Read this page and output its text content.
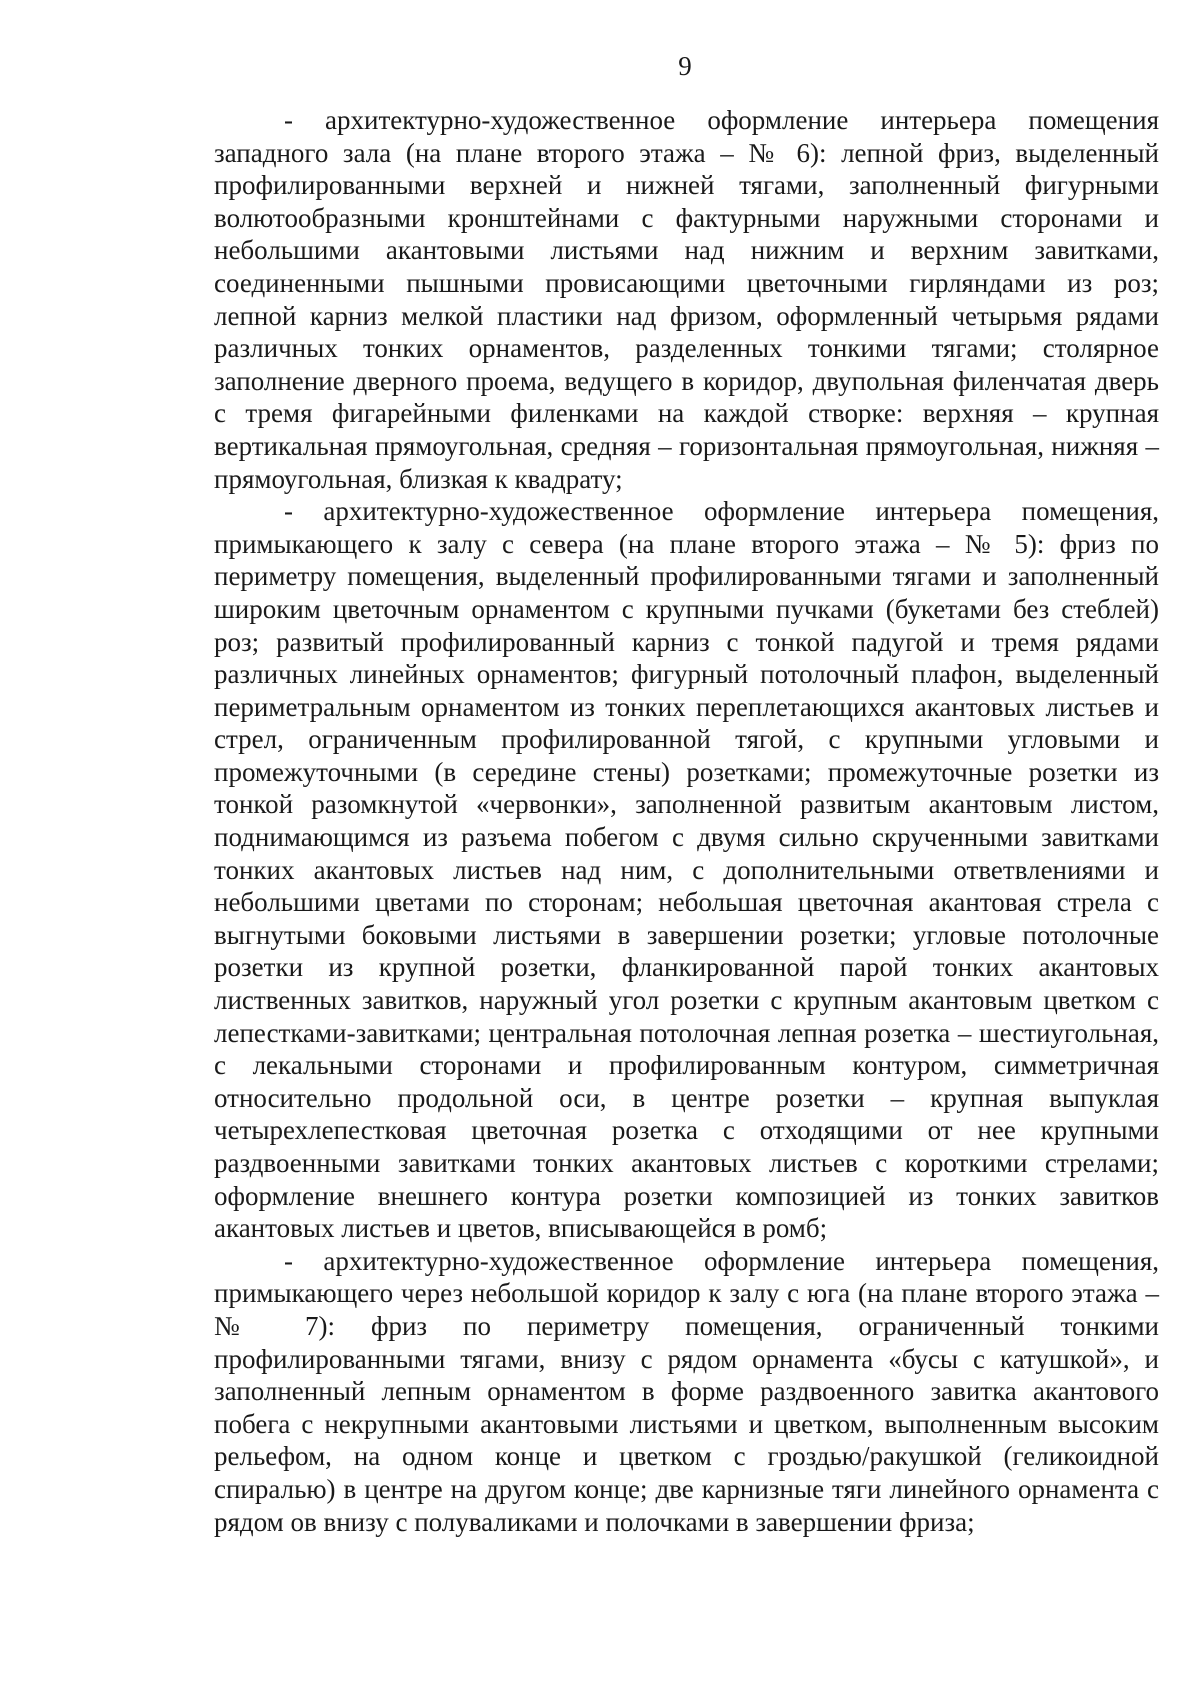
9

- архитектурно-художественное оформление интерьера помещения западного зала (на плане второго этажа – № 6): лепной фриз, выделенный профилированными верхней и нижней тягами, заполненный фигурными волютообразными кронштейнами с фактурными наружными сторонами и небольшими акантовыми листьями над нижним и верхним завитками, соединенными пышными провисающими цветочными гирляндами из роз; лепной карниз мелкой пластики над фризом, оформленный четырьмя рядами различных тонких орнаментов, разделенных тонкими тягами; столярное заполнение дверного проема, ведущего в коридор, двупольная филенчатая дверь с тремя фигарейными филенками на каждой створке: верхняя – крупная вертикальная прямоугольная, средняя – горизонтальная прямоугольная, нижняя – прямоугольная, близкая к квадрату;

- архитектурно-художественное оформление интерьера помещения, примыкающего к залу с севера (на плане второго этажа – № 5): фриз по периметру помещения, выделенный профилированными тягами и заполненный широким цветочным орнаментом с крупными пучками (букетами без стеблей) роз; развитый профилированный карниз с тонкой падугой и тремя рядами различных линейных орнаментов; фигурный потолочный плафон, выделенный периметральным орнаментом из тонких переплетающихся акантовых листьев и стрел, ограниченным профилированной тягой, с крупными угловыми и промежуточными (в середине стены) розетками; промежуточные розетки из тонкой разомкнутой «червонки», заполненной развитым акантовым листом, поднимающимся из разъема побегом с двумя сильно скрученными завитками тонких акантовых листьев над ним, с дополнительными ответвлениями и небольшими цветами по сторонам; небольшая цветочная акантовая стрела с выгнутыми боковыми листьями в завершении розетки; угловые потолочные розетки из крупной розетки, фланкированной парой тонких акантовых лиственных завитков, наружный угол розетки с крупным акантовым цветком с лепестками-завитками; центральная потолочная лепная розетка – шестиугольная, с лекальными сторонами и профилированным контуром, симметричная относительно продольной оси, в центре розетки – крупная выпуклая четырехлепестковая цветочная розетка с отходящими от нее крупными раздвоенными завитками тонких акантовых листьев с короткими стрелами; оформление внешнего контура розетки композицией из тонких завитков акантовых листьев и цветов, вписывающейся в ромб;

- архитектурно-художественное оформление интерьера помещения, примыкающего через небольшой коридор к залу с юга (на плане второго этажа – № 7): фриз по периметру помещения, ограниченный тонкими профилированными тягами, внизу с рядом орнамента «бусы с катушкой», и заполненный лепным орнаментом в форме раздвоенного завитка акантового побега с некрупными акантовыми листьями и цветком, выполненным высоким рельефом, на одном конце и цветком с гроздью/ракушкой (геликоидной спиралью) в центре на другом конце; две карнизные тяги линейного орнамента с рядом ов внизу с полуваликами и полочками в завершении фриза;
